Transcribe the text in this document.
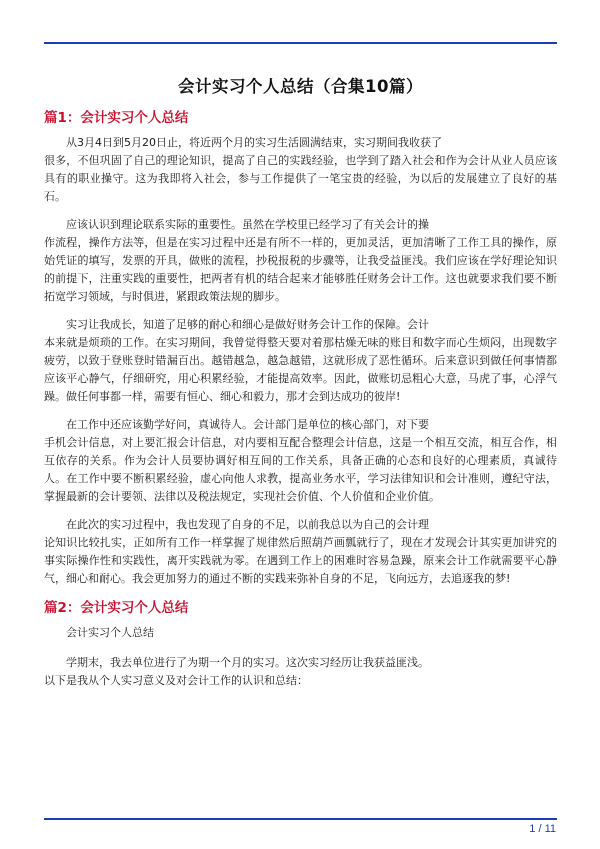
会计实习个人总结（合集10篇）
篇1：会计实习个人总结

从3月4日到5月20日止，将近两个月的实习生活圆满结束，实习期间我收获了
很多，不但巩固了自己的理论知识，提高了自己的实践经验，也学到了踏入社会和作为会计从业人员应该具有的职业操守。这为我即将入社会，参与工作提供了一笔宝贵的经验，为以后的发展建立了良好的基石。

应该认识到理论联系实际的重要性。虽然在学校里已经学习了有关会计的操
作流程，操作方法等，但是在实习过程中还是有所不一样的，更加灵活，更加清晰了工作工具的操作，原始凭证的填写，发票的开具，做账的流程，抄税报税的步骤等，让我受益匪浅。我们应该在学好理论知识的前提下，注重实践的重要性，把两者有机的结合起来才能够胜任财务会计工作。这也就要求我们要不断拓宽学习领域，与时俱进，紧跟政策法规的脚步。

实习让我成长，知道了足够的耐心和细心是做好财务会计工作的保障。会计
本来就是烦琐的工作。在实习期间，我曾觉得整天要对着那枯燥无味的账目和数字而心生烦闷，出现数字疲劳，以致于登账登时错漏百出。越错越急，越急越错，这就形成了恶性循环。后来意识到做任何事情都应该平心静气，仔细研究，用心积累经验，才能提高效率。因此，做账切忌粗心大意，马虎了事，心浮气躁。做任何事都一样，需要有恒心、细心和毅力，那才会到达成功的彼岸!

在工作中还应该勤学好问，真诚待人。会计部门是单位的核心部门，对下要
手机会计信息，对上要汇报会计信息，对内要相互配合整理会计信息，这是一个相互交流，相互合作，相互依存的关系。作为会计人员要协调好相互间的工作关系，具备正确的心态和良好的心理素质，真诚待人。在工作中要不断积累经验，虚心向他人求教，提高业务水平，学习法律知识和会计准则，遵纪守法，掌握最新的会计要领、法律以及税法规定，实现社会价值、个人价值和企业价值。

在此次的实习过程中，我也发现了自身的不足，以前我总以为自己的会计理
论知识比较扎实，正如所有工作一样掌握了规律然后照葫芦画瓢就行了，现在才发现会计其实更加讲究的事实际操作性和实践性，离开实践就为零。在遇到工作上的困难时容易急躁，原来会计工作就需要平心静气，细心和耐心。我会更加努力的通过不断的实践来弥补自身的不足，飞向远方，去追逐我的梦!

篇2：会计实习个人总结

会计实习个人总结

学期末，我去单位进行了为期一个月的实习。这次实习经历让我获益匪浅。
以下是我从个人实习意义及对会计工作的认识和总结：

1 / 11
